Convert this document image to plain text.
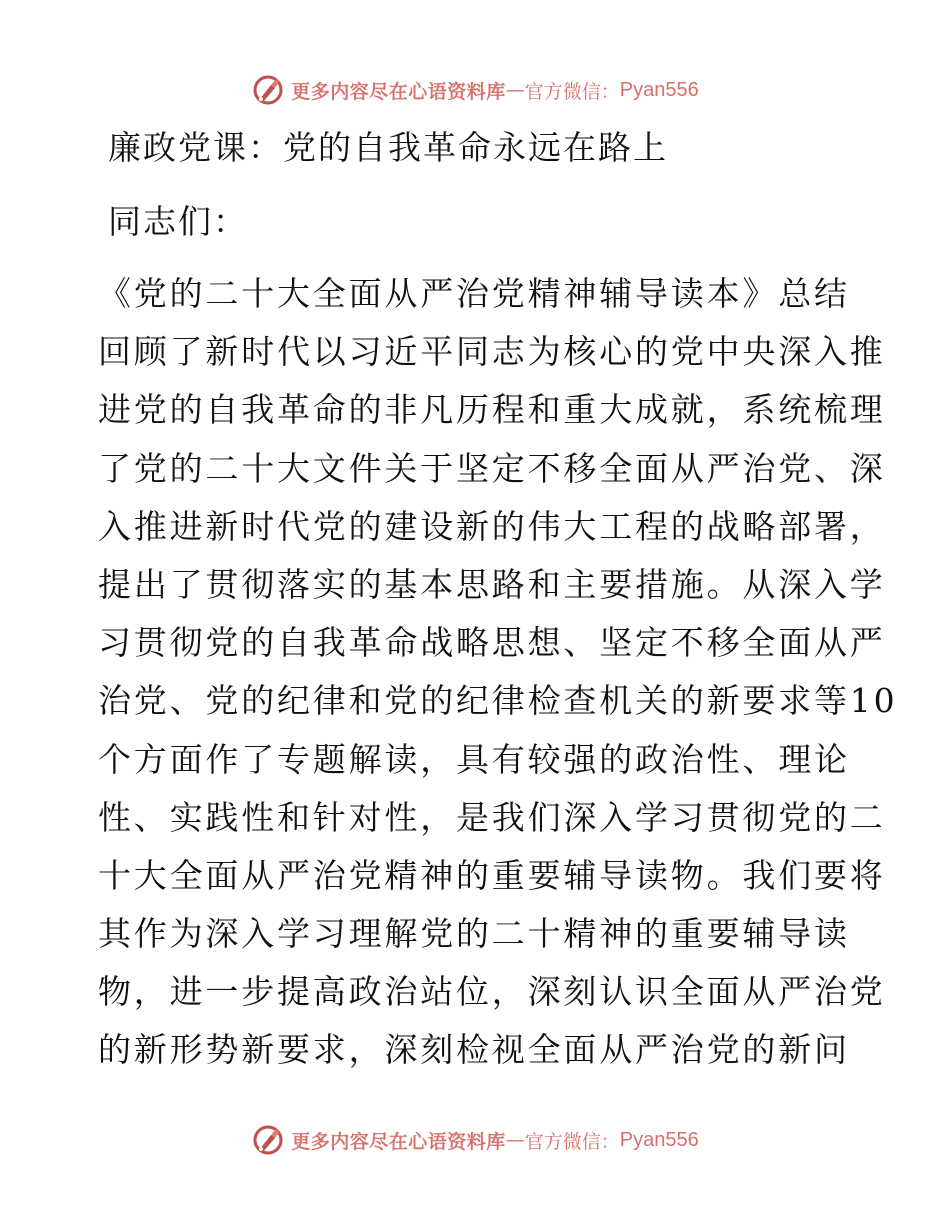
更多内容尽在心语资料库 — 官方微信： Pyan556
廉政党课：党的自我革命永远在路上
同志们：
《党的二十大全面从严治党精神辅导读本》总结
回顾了新时代以习近平同志为核心的党中央深入推
进党的自我革命的非凡历程和重大成就，系统梳理
了党的二十大文件关于坚定不移全面从严治党、深
入推进新时代党的建设新的伟大工程的战略部署，
提出了贯彻落实的基本思路和主要措施。从深入学
习贯彻党的自我革命战略思想、坚定不移全面从严
治党、党的纪律和党的纪律检查机关的新要求等10
个方面作了专题解读，具有较强的政治性、理论
性、实践性和针对性，是我们深入学习贯彻党的二
十大全面从严治党精神的重要辅导读物。我们要将
其作为深入学习理解党的二十精神的重要辅导读
物，进一步提高政治站位，深刻认识全面从严治党
的新形势新要求，深刻检视全面从严治党的新问
更多内容尽在心语资料库 — 官方微信： Pyan556
